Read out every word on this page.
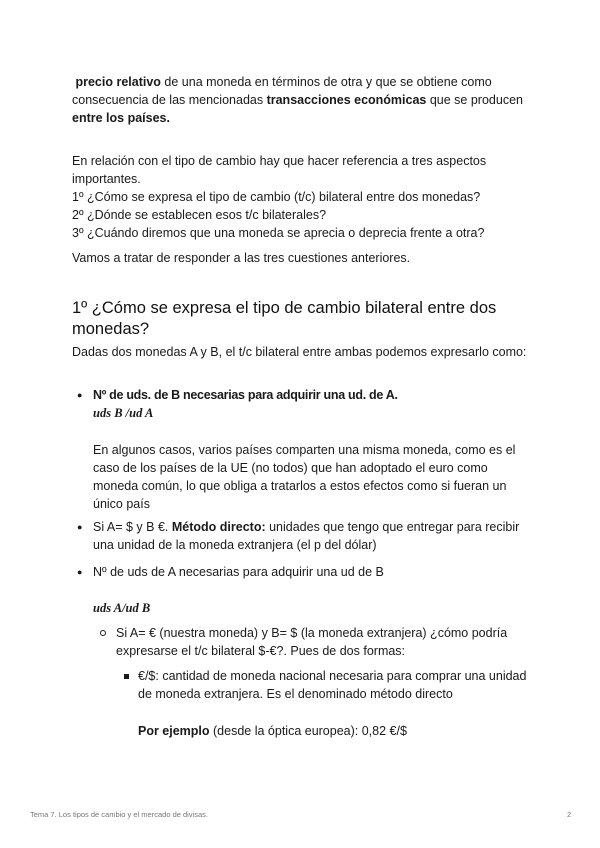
precio relativo de una moneda en términos de otra y que se obtiene como consecuencia de las mencionadas transacciones económicas que se producen entre los países.

En relación con el tipo de cambio hay que hacer referencia a tres aspectos importantes.

1º ¿Cómo se expresa el tipo de cambio (t/c) bilateral entre dos monedas?

2º ¿Dónde se establecen esos t/c bilaterales?

3º ¿Cuándo diremos que una moneda se aprecia o deprecia frente a otra?

Vamos a tratar de responder a las tres cuestiones anteriores.

1º ¿Cómo se expresa el tipo de cambio bilateral entre dos monedas?

Dadas dos monedas A y B, el t/c bilateral entre ambas podemos expresarlo como:

● Nº de uds. de B necesarias para adquirir una ud. de A.

uds B /ud A

En algunos casos, varios países comparten una misma moneda, como es el caso de los países de la UE (no todos) que han adoptado el euro como moneda común, lo que obliga a tratarlos a estos efectos como si fueran un único país

● Si A= $ y B €. Método directo: unidades que tengo que entregar para recibir una unidad de la moneda extranjera (el p del dólar)

● Nº de uds de A necesarias para adquirir una ud de B

uds A/ud B

Si A= € (nuestra moneda) y B= $ (la moneda extranjera) ¿cómo podría expresarse el t/c bilateral $-€?. Pues de dos formas:

€/$: cantidad de moneda nacional necesaria para comprar una unidad de moneda extranjera. Es el denominado método directo

Por ejemplo (desde la óptica europea): 0,82 €/$

Tema 7. Los tipos de cambio y el mercado de divisas.	2
